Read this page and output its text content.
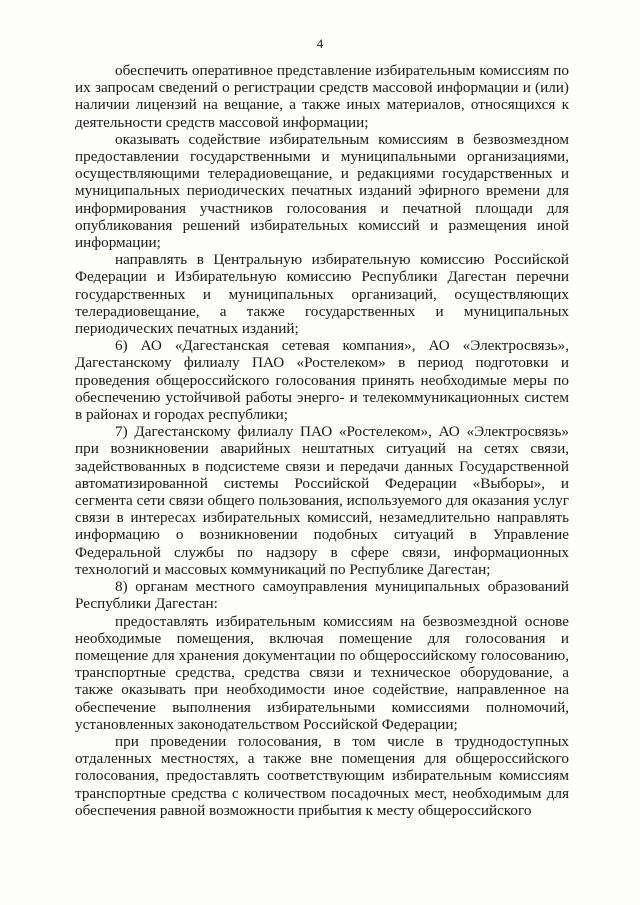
4

обеспечить оперативное представление избирательным комиссиям по их запросам сведений о регистрации средств массовой информации и (или) наличии лицензий на вещание, а также иных материалов, относящихся к деятельности средств массовой информации;

оказывать содействие избирательным комиссиям в безвозмездном предоставлении государственными и муниципальными организациями, осуществляющими телерадиовещание, и редакциями государственных и муниципальных периодических печатных изданий эфирного времени для информирования участников голосования и печатной площади для опубликования решений избирательных комиссий и размещения иной информации;

направлять в Центральную избирательную комиссию Российской Федерации и Избирательную комиссию Республики Дагестан перечни государственных и муниципальных организаций, осуществляющих телерадиовещание, а также государственных и муниципальных периодических печатных изданий;

6) АО «Дагестанская сетевая компания», АО «Электросвязь», Дагестанскому филиалу ПАО «Ростелеком» в период подготовки и проведения общероссийского голосования принять необходимые меры по обеспечению устойчивой работы энерго- и телекоммуникационных систем в районах и городах республики;

7) Дагестанскому филиалу ПАО «Ростелеком», АО «Электросвязь» при возникновении аварийных нештатных ситуаций на сетях связи, задействованных в подсистеме связи и передачи данных Государственной автоматизированной системы Российской Федерации «Выборы», и сегмента сети связи общего пользования, используемого для оказания услуг связи в интересах избирательных комиссий, незамедлительно направлять информацию о возникновении подобных ситуаций в Управление Федеральной службы по надзору в сфере связи, информационных технологий и массовых коммуникаций по Республике Дагестан;

8) органам местного самоуправления муниципальных образований Республики Дагестан:

предоставлять избирательным комиссиям на безвозмездной основе необходимые помещения, включая помещение для голосования и помещение для хранения документации по общероссийскому голосованию, транспортные средства, средства связи и техническое оборудование, а также оказывать при необходимости иное содействие, направленное на обеспечение выполнения избирательными комиссиями полномочий, установленных законодательством Российской Федерации;

при проведении голосования, в том числе в труднодоступных отдаленных местностях, а также вне помещения для общероссийского голосования, предоставлять соответствующим избирательным комиссиям транспортные средства с количеством посадочных мест, необходимым для обеспечения равной возможности прибытия к месту общероссийского
